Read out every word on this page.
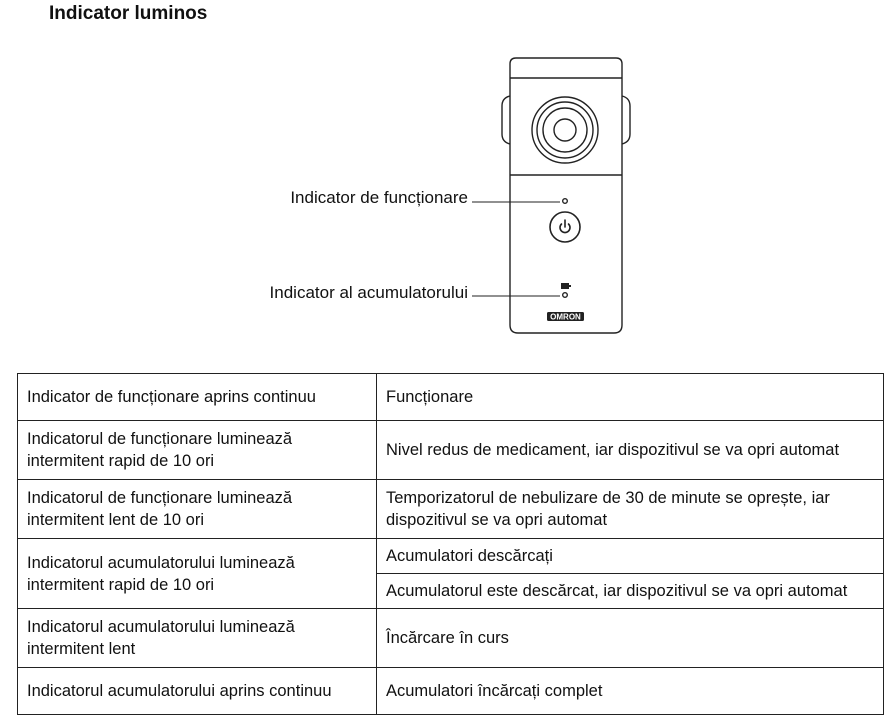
Indicator luminos
OMRON
Indicator de funcționare
Indicator al acumulatorului
Indicator de funcționare aprins continuu	Funcționare
Indicatorul de funcționare luminează intermitent rapid de 10 ori	Nivel redus de medicament, iar dispozitivul se va opri automat
Indicatorul de funcționare luminează intermitent lent de 10 ori	Temporizatorul de nebulizare de 30 de minute se oprește, iar dispozitivul se va opri automat
Indicatorul acumulatorului luminează intermitent rapid de 10 ori	Acumulatori descărcați
	Acumulatorul este descărcat, iar dispozitivul se va opri automat
Indicatorul acumulatorului luminează intermitent lent	Încărcare în curs
Indicatorul acumulatorului aprins continuu	Acumulatori încărcați complet
